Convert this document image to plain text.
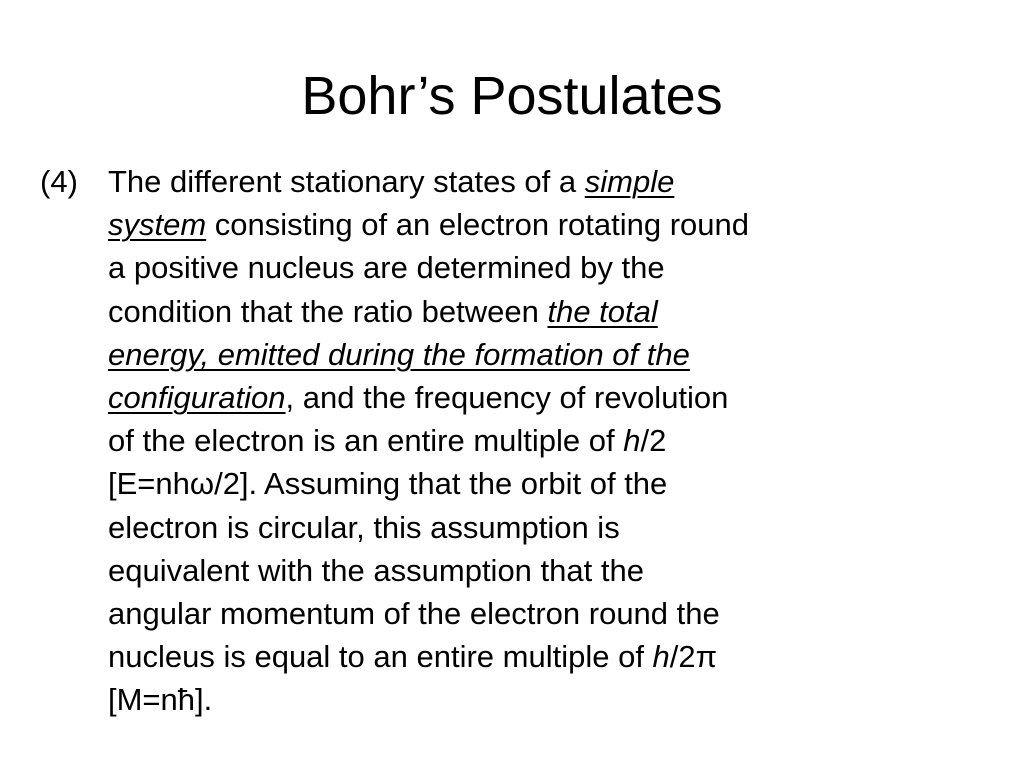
Bohr’s Postulates
(4) The different stationary states of a simple
system consisting of an electron rotating round
a positive nucleus are determined by the
condition that the ratio between the total
energy, emitted during the formation of the
configuration, and the frequency of revolution
of the electron is an entire multiple of h/2
[E=nhω/2]. Assuming that the orbit of the
electron is circular, this assumption is
equivalent with the assumption that the
angular momentum of the electron round the
nucleus is equal to an entire multiple of h/2π
[M=nħ].
